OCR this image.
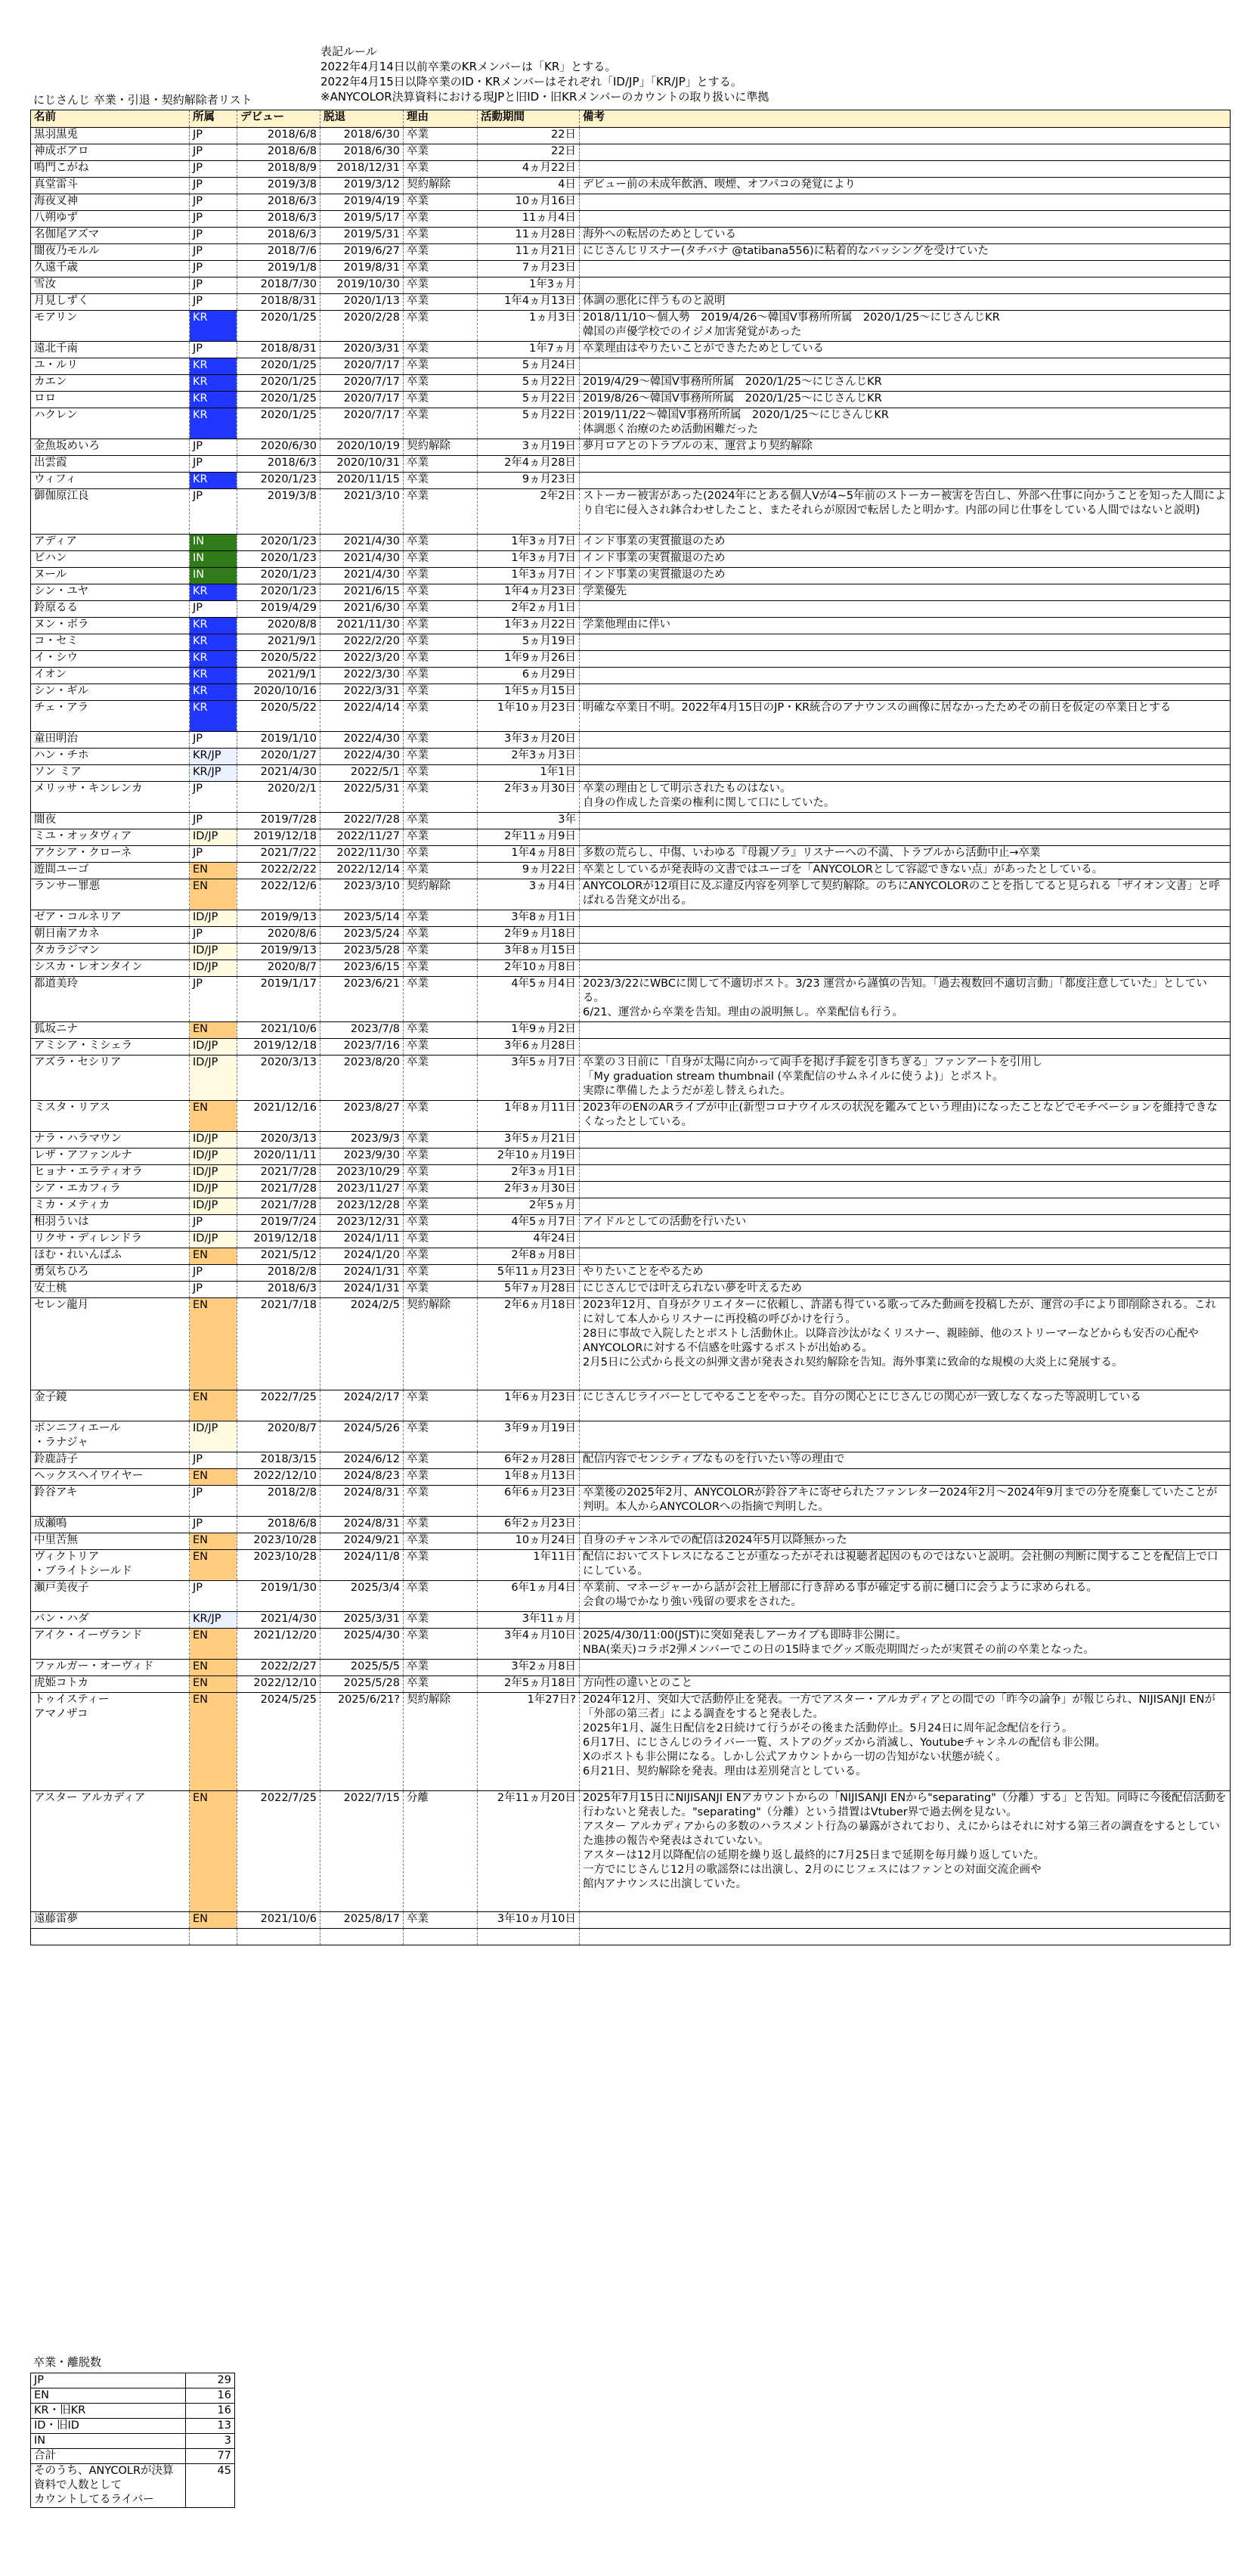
表記ルール
2022年4月14日以前卒業のKRメンバーは「KR」とする。
2022年4月15日以降卒業のID・KRメンバーはそれぞれ「ID/JP」「KR/JP」とする。
※ANYCOLOR決算資料における現JPと旧ID・旧KRメンバーのカウントの取り扱いに準拠
にじさんじ 卒業・引退・契約解除者リスト
名前	所属	デビュー	脱退	理由	活動期間	備考
黒羽黒兎	JP	2018/6/8	2018/6/30	卒業	22日	
神成ボアロ	JP	2018/6/8	2018/6/30	卒業	22日	
鳴門こがね	JP	2018/8/9	2018/12/31	卒業	4ヵ月22日	
真堂雷斗	JP	2019/3/8	2019/3/12	契約解除	4日	デビュー前の未成年飲酒、喫煙、オフパコの発覚により
海夜叉神	JP	2018/6/3	2019/4/19	卒業	10ヵ月16日	
八朔ゆず	JP	2018/6/3	2019/5/17	卒業	11ヵ月4日	
名伽尾アズマ	JP	2018/6/3	2019/5/31	卒業	11ヵ月28日	海外への転居のためとしている
闇夜乃モルル	JP	2018/7/6	2019/6/27	卒業	11ヵ月21日	にじさんじリスナー(タチバナ @tatibana556)に粘着的なバッシングを受けていた
久遠千歳	JP	2019/1/8	2019/8/31	卒業	7ヵ月23日	
雪汝	JP	2018/7/30	2019/10/30	卒業	1年3ヵ月	
月見しずく	JP	2018/8/31	2020/1/13	卒業	1年4ヵ月13日	体調の悪化に伴うものと説明
モアリン	KR	2020/1/25	2020/2/28	卒業	1ヵ月3日	2018/11/10〜個人勢　2019/4/26〜韓国V事務所所属　2020/1/25〜にじさんじKR
韓国の声優学校でのイジメ加害発覚があった
遠北千南	JP	2018/8/31	2020/3/31	卒業	1年7ヵ月	卒業理由はやりたいことができたためとしている
ユ・ルリ	KR	2020/1/25	2020/7/17	卒業	5ヵ月24日	
カエン	KR	2020/1/25	2020/7/17	卒業	5ヵ月22日	2019/4/29〜韓国V事務所所属　2020/1/25〜にじさんじKR
ロロ	KR	2020/1/25	2020/7/17	卒業	5ヵ月22日	2019/8/26〜韓国V事務所所属　2020/1/25〜にじさんじKR
ハクレン	KR	2020/1/25	2020/7/17	卒業	5ヵ月22日	2019/11/22〜韓国V事務所所属　2020/1/25〜にじさんじKR
体調悪く治療のため活動困難だった
金魚坂めいろ	JP	2020/6/30	2020/10/19	契約解除	3ヵ月19日	夢月ロアとのトラブルの末、運営より契約解除
出雲霞	JP	2018/6/3	2020/10/31	卒業	2年4ヵ月28日	
ウィフィ	KR	2020/1/23	2020/11/15	卒業	9ヵ月23日	
御伽原江良	JP	2019/3/8	2021/3/10	卒業	2年2日	ストーカー被害があった(2024年にとある個人Vが4~5年前のストーカー被害を告白し、外部へ仕事に向かうことを知った人間により自宅に侵入され鉢合わせしたこと、またそれらが原因で転居したと明かす。内部の同じ仕事をしている人間ではないと説明)
アディア	IN	2020/1/23	2021/4/30	卒業	1年3ヵ月7日	インド事業の実質撤退のため
ビハン	IN	2020/1/23	2021/4/30	卒業	1年3ヵ月7日	インド事業の実質撤退のため
ヌール	IN	2020/1/23	2021/4/30	卒業	1年3ヵ月7日	インド事業の実質撤退のため
シン・ユヤ	KR	2020/1/23	2021/6/15	卒業	1年4ヵ月23日	学業優先
鈴原るる	JP	2019/4/29	2021/6/30	卒業	2年2ヵ月1日	
ヌン・ボラ	KR	2020/8/8	2021/11/30	卒業	1年3ヵ月22日	学業他理由に伴い
コ・セミ	KR	2021/9/1	2022/2/20	卒業	5ヵ月19日	
イ・シウ	KR	2020/5/22	2022/3/20	卒業	1年9ヵ月26日	
イオン	KR	2021/9/1	2022/3/30	卒業	6ヵ月29日	
シン・ギル	KR	2020/10/16	2022/3/31	卒業	1年5ヵ月15日	
チェ・アラ	KR	2020/5/22	2022/4/14	卒業	1年10ヵ月23日	明確な卒業日不明。2022年4月15日のJP・KR統合のアナウンスの画像に居なかったためその前日を仮定の卒業日とする
童田明治	JP	2019/1/10	2022/4/30	卒業	3年3ヵ月20日	
ハン・チホ	KR/JP	2020/1/27	2022/4/30	卒業	2年3ヵ月3日	
ソン ミア	KR/JP	2021/4/30	2022/5/1	卒業	1年1日	
メリッサ・キンレンカ	JP	2020/2/1	2022/5/31	卒業	2年3ヵ月30日	卒業の理由として明示されたものはない。
自身の作成した音楽の権利に関して口にしていた。
闇夜	JP	2019/7/28	2022/7/28	卒業	3年	
ミユ・オッタヴィア	ID/JP	2019/12/18	2022/11/27	卒業	2年11ヵ月9日	
アクシア・クローネ	JP	2021/7/22	2022/11/30	卒業	1年4ヵ月8日	多数の荒らし、中傷、いわゆる『母親ゾラ』リスナーへの不満、トラブルから活動中止→卒業
遊間ユーゴ	EN	2022/2/22	2022/12/14	卒業	9ヵ月22日	卒業としているが発表時の文書ではユーゴを「ANYCOLORとして容認できない点」があったとしている。
ランサー罪悪	EN	2022/12/6	2023/3/10	契約解除	3ヵ月4日	ANYCOLORが12項目に及ぶ違反内容を列挙して契約解除。のちにANYCOLORのことを指してると見られる「ザイオン文書」と呼ばれる告発文が出る。
ゼア・コルネリア	ID/JP	2019/9/13	2023/5/14	卒業	3年8ヵ月1日	
朝日南アカネ	JP	2020/8/6	2023/5/24	卒業	2年9ヵ月18日	
タカラジマン	ID/JP	2019/9/13	2023/5/28	卒業	3年8ヵ月15日	
シスカ・レオンタイン	ID/JP	2020/8/7	2023/6/15	卒業	2年10ヵ月8日	
都道美玲	JP	2019/1/17	2023/6/21	卒業	4年5ヵ月4日	2023/3/22にWBCに関して不適切ポスト。3/23 運営から謹慎の告知。「過去複数回不適切言動」「都度注意していた」としている。
6/21、運営から卒業を告知。理由の説明無し。卒業配信も行う。
狐坂ニナ	EN	2021/10/6	2023/7/8	卒業	1年9ヵ月2日	
アミシア・ミシェラ	ID/JP	2019/12/18	2023/7/16	卒業	3年6ヵ月28日	
アズラ・セシリア	ID/JP	2020/3/13	2023/8/20	卒業	3年5ヵ月7日	卒業の３日前に「自身が太陽に向かって両手を掲げ手錠を引きちぎる」ファンアートを引用し
「My graduation stream thumbnail (卒業配信のサムネイルに使うよ)」とポスト。
実際に準備したようだが差し替えられた。
ミスタ・リアス	EN	2021/12/16	2023/8/27	卒業	1年8ヵ月11日	2023年のENのARライブが中止(新型コロナウイルスの状況を鑑みてという理由)になったことなどでモチベーションを維持できなくなったとしている。
ナラ・ハラマウン	ID/JP	2020/3/13	2023/9/3	卒業	3年5ヵ月21日	
レザ・アファンルナ	ID/JP	2020/11/11	2023/9/30	卒業	2年10ヵ月19日	
ヒョナ・エラティオラ	ID/JP	2021/7/28	2023/10/29	卒業	2年3ヵ月1日	
シア・エカフィラ	ID/JP	2021/7/28	2023/11/27	卒業	2年3ヵ月30日	
ミカ・メティカ	ID/JP	2021/7/28	2023/12/28	卒業	2年5ヵ月	
相羽ういは	JP	2019/7/24	2023/12/31	卒業	4年5ヵ月7日	アイドルとしての活動を行いたい
リクサ・ディレンドラ	ID/JP	2019/12/18	2024/1/11	卒業	4年24日	
ほむ・れいんばふ	EN	2021/5/12	2024/1/20	卒業	2年8ヵ月8日	
勇気ちひろ	JP	2018/2/8	2024/1/31	卒業	5年11ヵ月23日	やりたいことをやるため
安土桃	JP	2018/6/3	2024/1/31	卒業	5年7ヵ月28日	にじさんじでは叶えられない夢を叶えるため
セレン龍月	EN	2021/7/18	2024/2/5	契約解除	2年6ヵ月18日	2023年12月、自身がクリエイターに依頼し、許諾も得ている歌ってみた動画を投稿したが、運営の手により即削除される。これに対して本人からリスナーに再投稿の呼びかけを行う。
28日に事故で入院したとポストし活動休止。以降音沙汰がなくリスナー、親睦師、他のストリーマーなどからも安否の心配やANYCOLORに対する不信感を吐露するポストが出始める。
2月5日に公式から長文の糾弾文書が発表され契約解除を告知。海外事業に致命的な規模の大炎上に発展する。
金子鏡	EN	2022/7/25	2024/2/17	卒業	1年6ヵ月23日	にじさんじライバーとしてやることをやった。自分の関心とにじさんじの関心が一致しなくなった等説明している
ボンニフィエール
・ラナジャ	ID/JP	2020/8/7	2024/5/26	卒業	3年9ヵ月19日	
鈴鹿詩子	JP	2018/3/15	2024/6/12	卒業	6年2ヵ月28日	配信内容でセンシティブなものを行いたい等の理由で
ヘックスヘイワイヤー	EN	2022/12/10	2024/8/23	卒業	1年8ヵ月13日	
鈴谷アキ	JP	2018/2/8	2024/8/31	卒業	6年6ヵ月23日	卒業後の2025年2月、ANYCOLORが鈴谷アキに寄せられたファンレター2024年2月〜2024年9月までの分を廃棄していたことが判明。本人からANYCOLORへの指摘で判明した。
成瀬鳴	JP	2018/6/8	2024/8/31	卒業	6年2ヵ月23日	
中里苦無	EN	2023/10/28	2024/9/21	卒業	10ヵ月24日	自身のチャンネルでの配信は2024年5月以降無かった
ヴィクトリア
・ブライトシールド	EN	2023/10/28	2024/11/8	卒業	1年11日	配信においてストレスになることが重なったがそれは視聴者起因のものではないと説明。会社側の判断に関することを配信上で口にしている。
瀬戸美夜子	JP	2019/1/30	2025/3/4	卒業	6年1ヵ月4日	卒業前、マネージャーから話が会社上層部に行き辞める事が確定する前に樋口に会うように求められる。
会食の場でかなり強い残留の要求をされた。
バン・ハダ	KR/JP	2021/4/30	2025/3/31	卒業	3年11ヵ月	
アイク・イーヴランド	EN	2021/12/20	2025/4/30	卒業	3年4ヵ月10日	2025/4/30/11:00(JST)に突如発表しアーカイブも即時非公開に。
NBA(楽天)コラボ2弾メンバーでこの日の15時までグッズ販売期間だったが実質その前の卒業となった。
ファルガー・オーヴィド	EN	2022/2/27	2025/5/5	卒業	3年2ヵ月8日	
虎姫コトカ	EN	2022/12/10	2025/5/28	卒業	2年5ヵ月18日	方向性の違いとのこと
トゥイスティー
アマノザコ	EN	2024/5/25	2025/6/21?	契約解除	1年27日?	2024年12月、突如大で活動停止を発表。一方でアスター・アルカディアとの間での「昨今の論争」が報じられ、NIJISANJI ENが「外部の第三者」による調査をすると発表した。
2025年1月、誕生日配信を2日続けて行うがその後また活動停止。5月24日に周年記念配信を行う。
6月17日、にじさんじのライバー一覧、ストアのグッズから消滅し、Youtubeチャンネルの配信も非公開。
Xのポストも非公開になる。しかし公式アカウントから一切の告知がない状態が続く。
6月21日、契約解除を発表。理由は差別発言としている。
アスター アルカディア	EN	2022/7/25	2022/7/15	分離	2年11ヵ月20日	2025年7月15日にNIJISANJI ENアカウントからの「NIJISANJI ENから"separating"（分離）する」と告知。同時に今後配信活動を行わないと発表した。"separating"（分離）という措置はVtuber界で過去例を見ない。
アスター アルカディアからの多数のハラスメント行為の暴露がされており、えにからはそれに対する第三者の調査をするとしていた進捗の報告や発表はされていない。
アスターは12月以降配信の延期を繰り返し最終的に7月25日まで延期を毎月繰り返していた。
一方でにじさんじ12月の歌謡祭には出演し、2月のにじフェスにはファンとの対面交流企画や
館内アナウンスに出演していた。
遠藤雷夢	EN	2021/10/6	2025/8/17	卒業	3年10ヵ月10日	

卒業・離脱数
JP	29
EN	16
KR・旧KR	16
ID・旧ID	13
IN	3
合計	77
そのうち、ANYCOLRが決算資料で人数として
カウントしてるライバー	45
